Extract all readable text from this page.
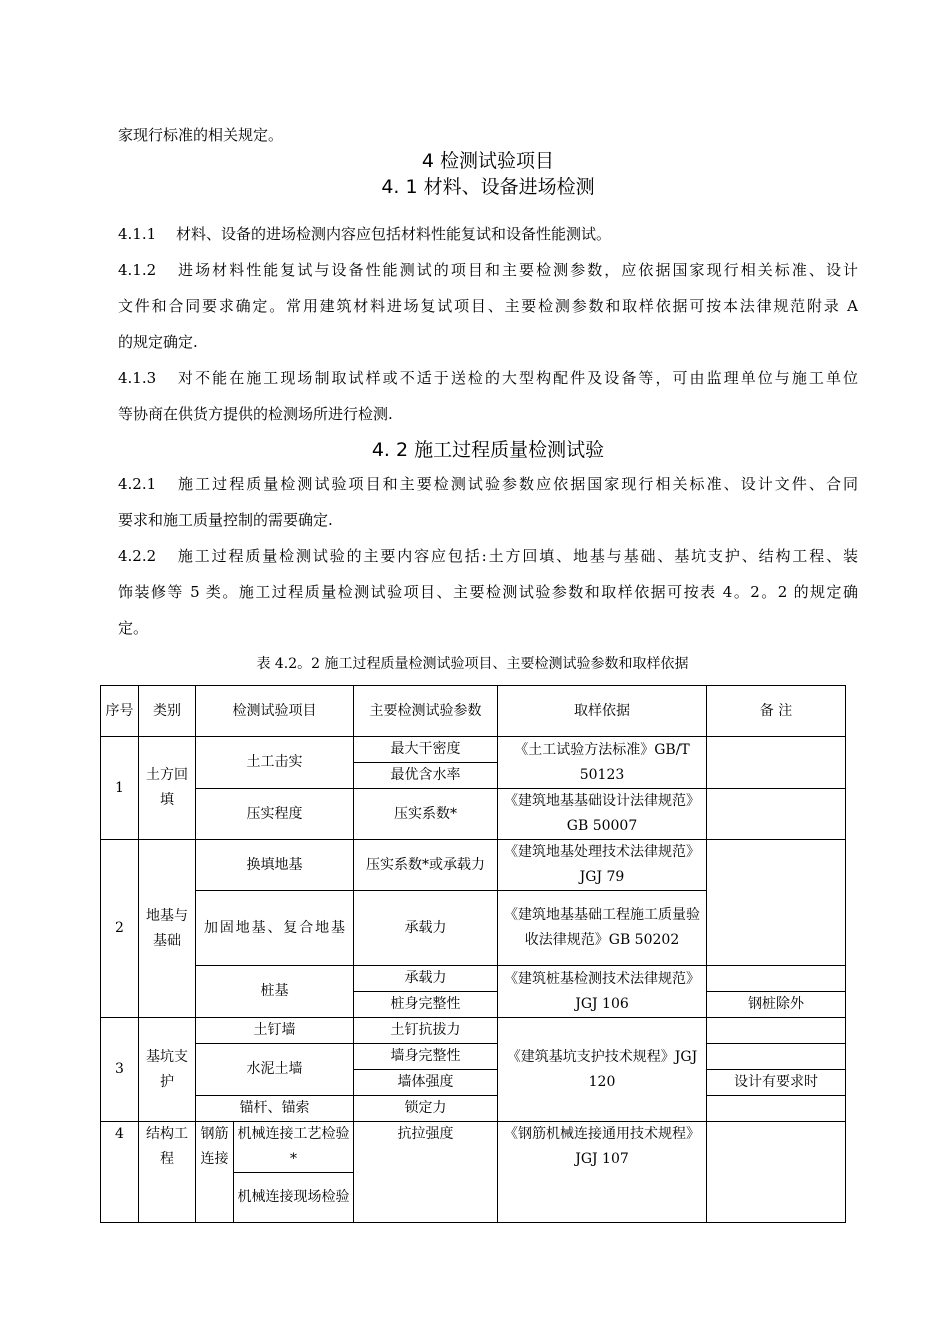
家现行标准的相关规定。
4 检测试验项目
4. 1 材料、设备进场检测
4.1.1 材料、设备的进场检测内容应包括材料性能复试和设备性能测试。
4.1.2 进场材料性能复试与设备性能测试的项目和主要检测参数，应依据国家现行相关标准、设计
文件和合同要求确定。常用建筑材料进场复试项目、主要检测参数和取样依据可按本法律规范附录 A
的规定确定.
4.1.3 对不能在施工现场制取试样或不适于送检的大型构配件及设备等，可由监理单位与施工单位
等协商在供货方提供的检测场所进行检测.
4. 2 施工过程质量检测试验
4.2.1 施工过程质量检测试验项目和主要检测试验参数应依据国家现行相关标准、设计文件、合同
要求和施工质量控制的需要确定.
4.2.2 施工过程质量检测试验的主要内容应包括:土方回填、地基与基础、基坑支护、结构工程、装
饰装修等 5 类。施工过程质量检测试验项目、主要检测试验参数和取样依据可按表 4。2。2 的规定确
定。
表 4.2。2 施工过程质量检测试验项目、主要检测试验参数和取样依据
序号	类别	检测试验项目		主要检测试验参数	取样依据	备 注
1	土方回填	土工击实		最大干密度	《土工试验方法标准》GB/T 50123	
				最优含水率		
		压实程度		压实系数*	《建筑地基基础设计法律规范》GB 50007	

2	地基与基础	换填地基		压实系数*或承载力	《建筑地基处理技术法律规范》JGJ 79	
		加固地基、复合地基		承载力	《建筑地基基础工程施工质量验收法律规范》GB 50202	
		桩基		承载力	《建筑桩基检测技术法律规范》JGJ 106	
				桩身完整性		钢桩除外
3	基坑支护	土钉墙		土钉抗拔力	《建筑基坑支护技术规程》JGJ 120	
		水泥土墙		墙身完整性		
				墙体强度		设计有要求时
		锚杆、锚索		锁定力		
4	结构工程	钢筋连接	机械连接工艺检验*	抗拉强度	《钢筋机械连接通用技术规程》JGJ 107	
			机械连接现场检验			
